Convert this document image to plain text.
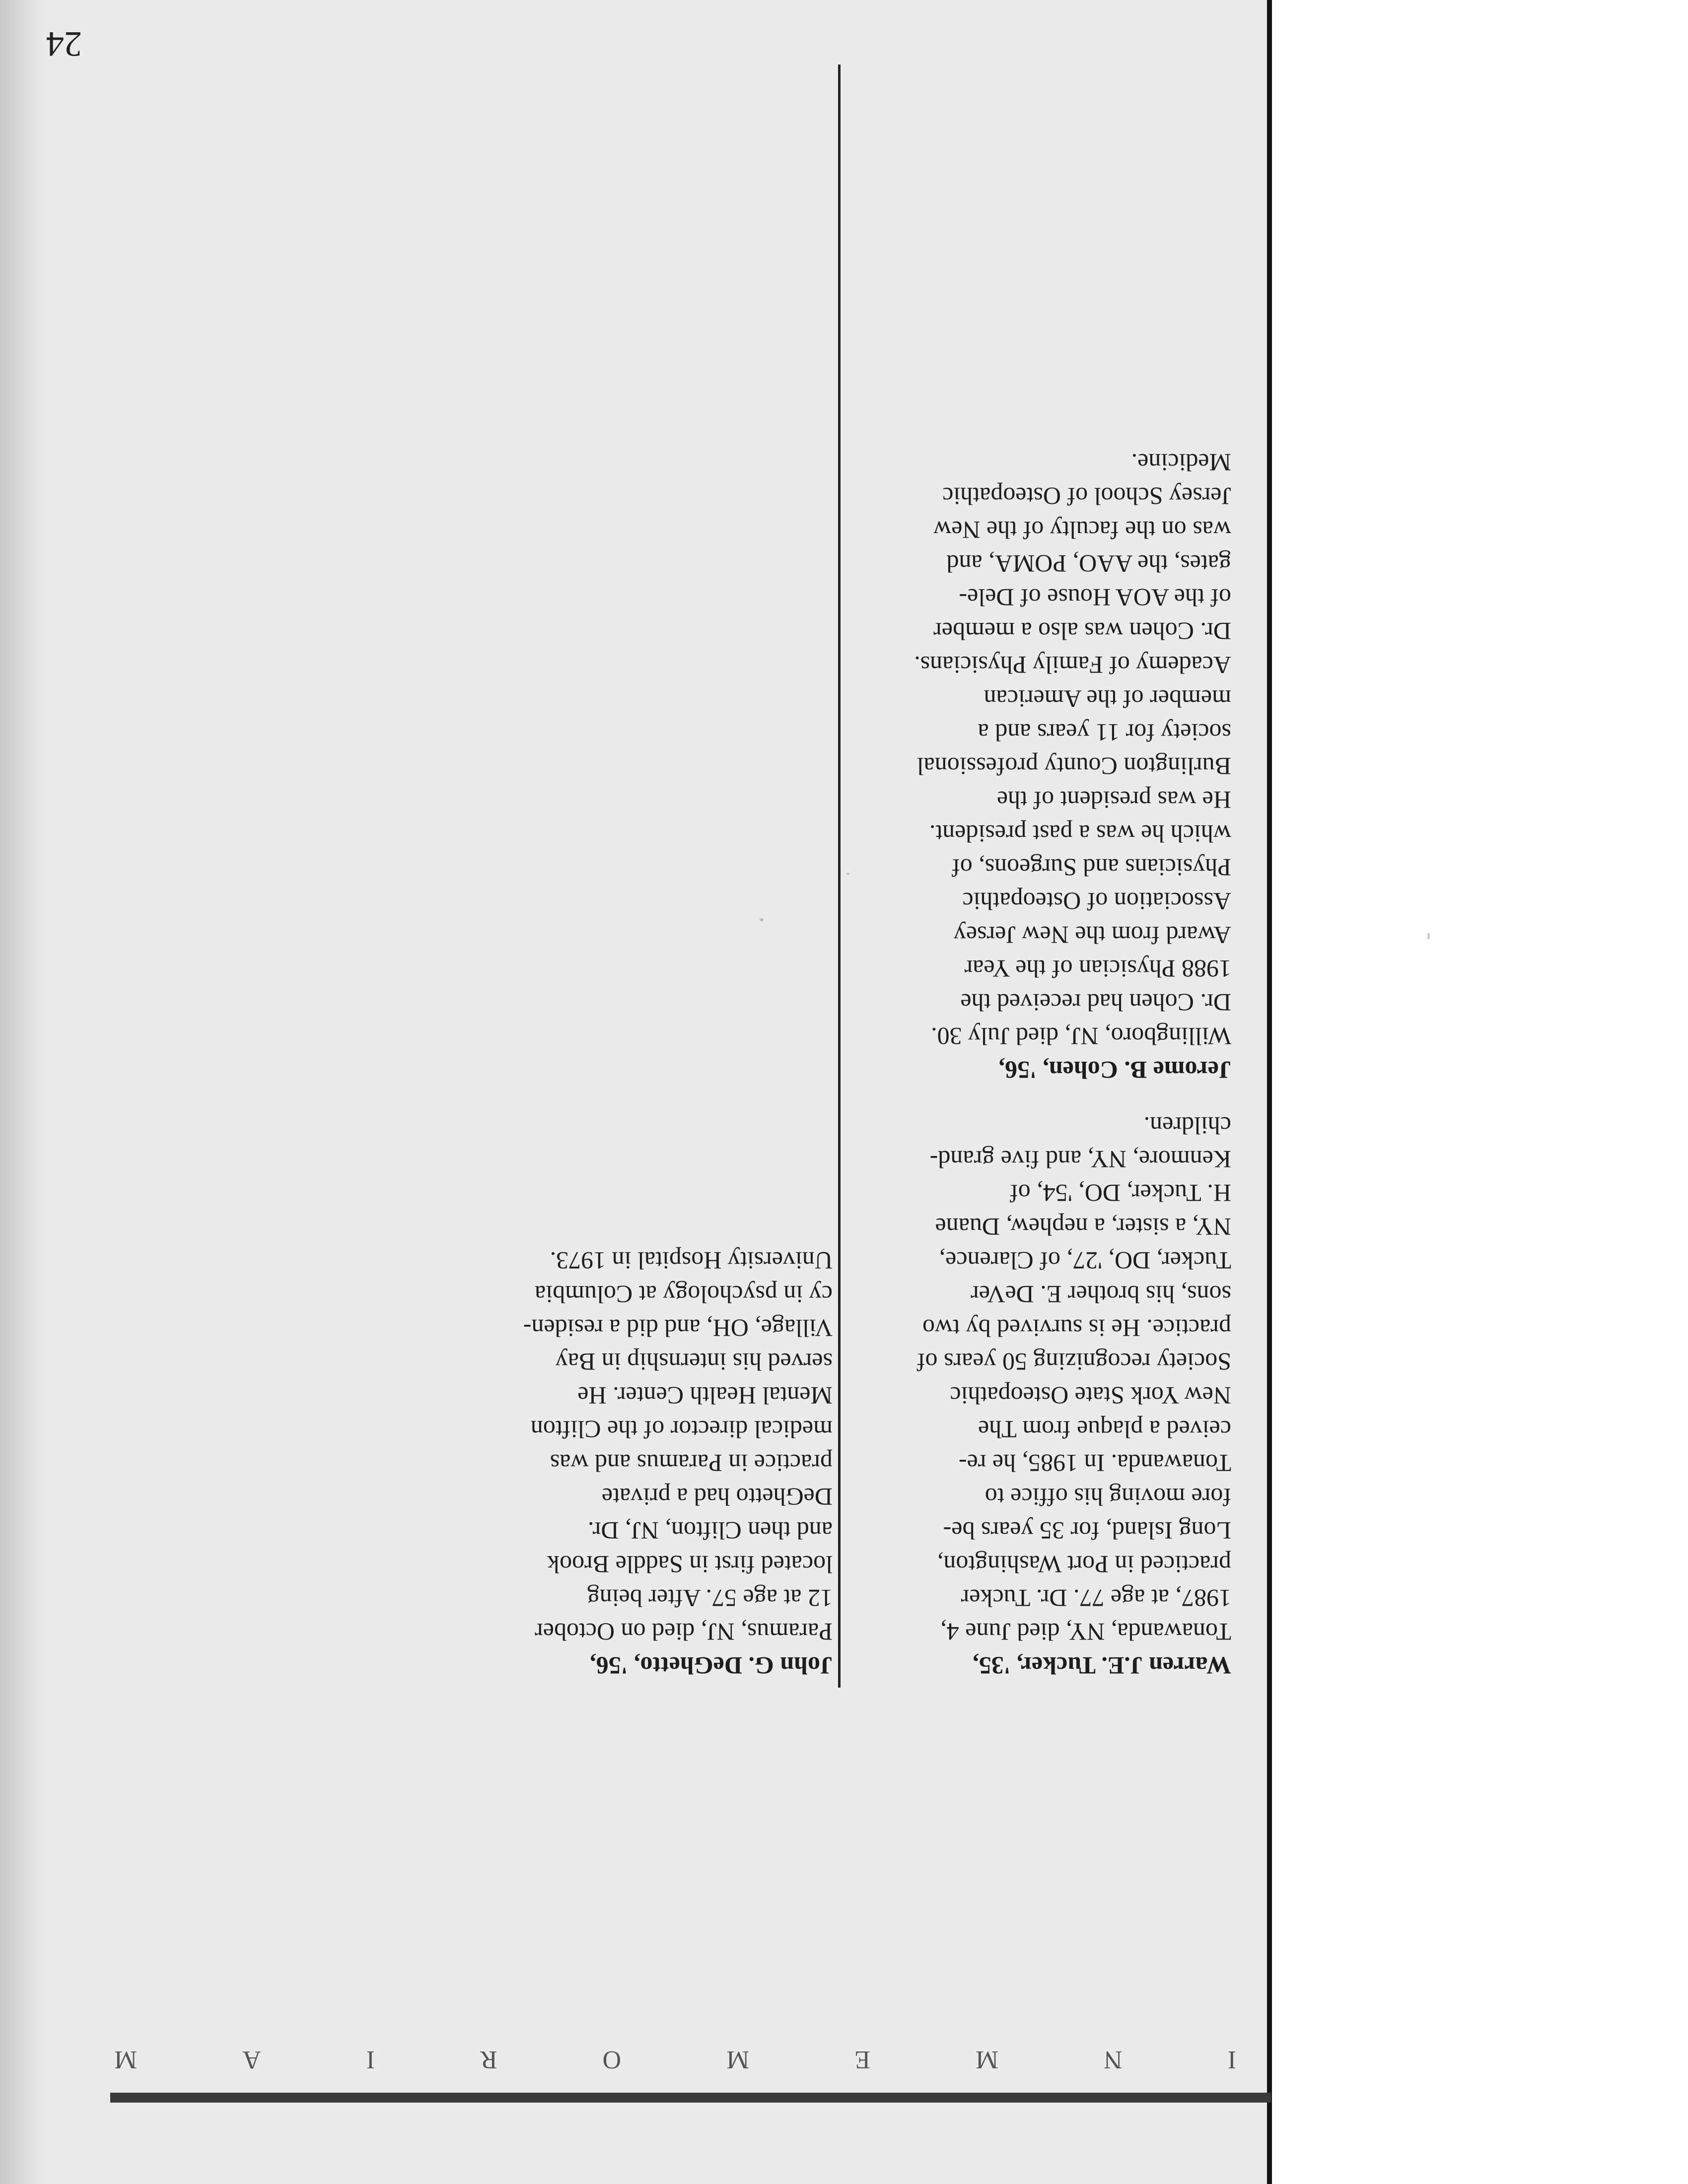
24
I
N
M
E
M
O
R
I
A
M
Warren J.E. Tucker, '35,
Tonawanda, NY, died June 4,
1987, at age 77. Dr. Tucker
practiced in Port Washington,
Long Island, for 35 years be-
fore moving his office to
Tonawanda. In 1985, he re-
ceived a plaque from The
New York State Osteopathic
Society recognizing 50 years of
practice. He is survived by two
sons, his brother E. DeVer
Tucker, DO, '27, of Clarence,
NY, a sister, a nephew, Duane
H. Tucker, DO, '54, of
Kenmore, NY, and five grand-
children.
Jerome B. Cohen, '56,
Willingboro, NJ, died July 30.
Dr. Cohen had received the
1988 Physician of the Year
Award from the New Jersey
Association of Osteopathic
Physicians and Surgeons, of
which he was a past president.
He was president of the
Burlington County professional
society for 11 years and a
member of the American
Academy of Family Physicians.
Dr. Cohen was also a member
of the AOA House of Dele-
gates, the AAO, POMA, and
was on the faculty of the New
Jersey School of Osteopathic
Medicine.
John G. DeGhetto, '56,
Paramus, NJ, died on October
12 at age 57. After being
located first in Saddle Brook
and then Clifton, NJ, Dr.
DeGhetto had a private
practice in Paramus and was
medical director of the Clifton
Mental Health Center. He
served his internship in Bay
Village, OH, and did a residen-
cy in psychology at Columbia
University Hospital in 1973.
